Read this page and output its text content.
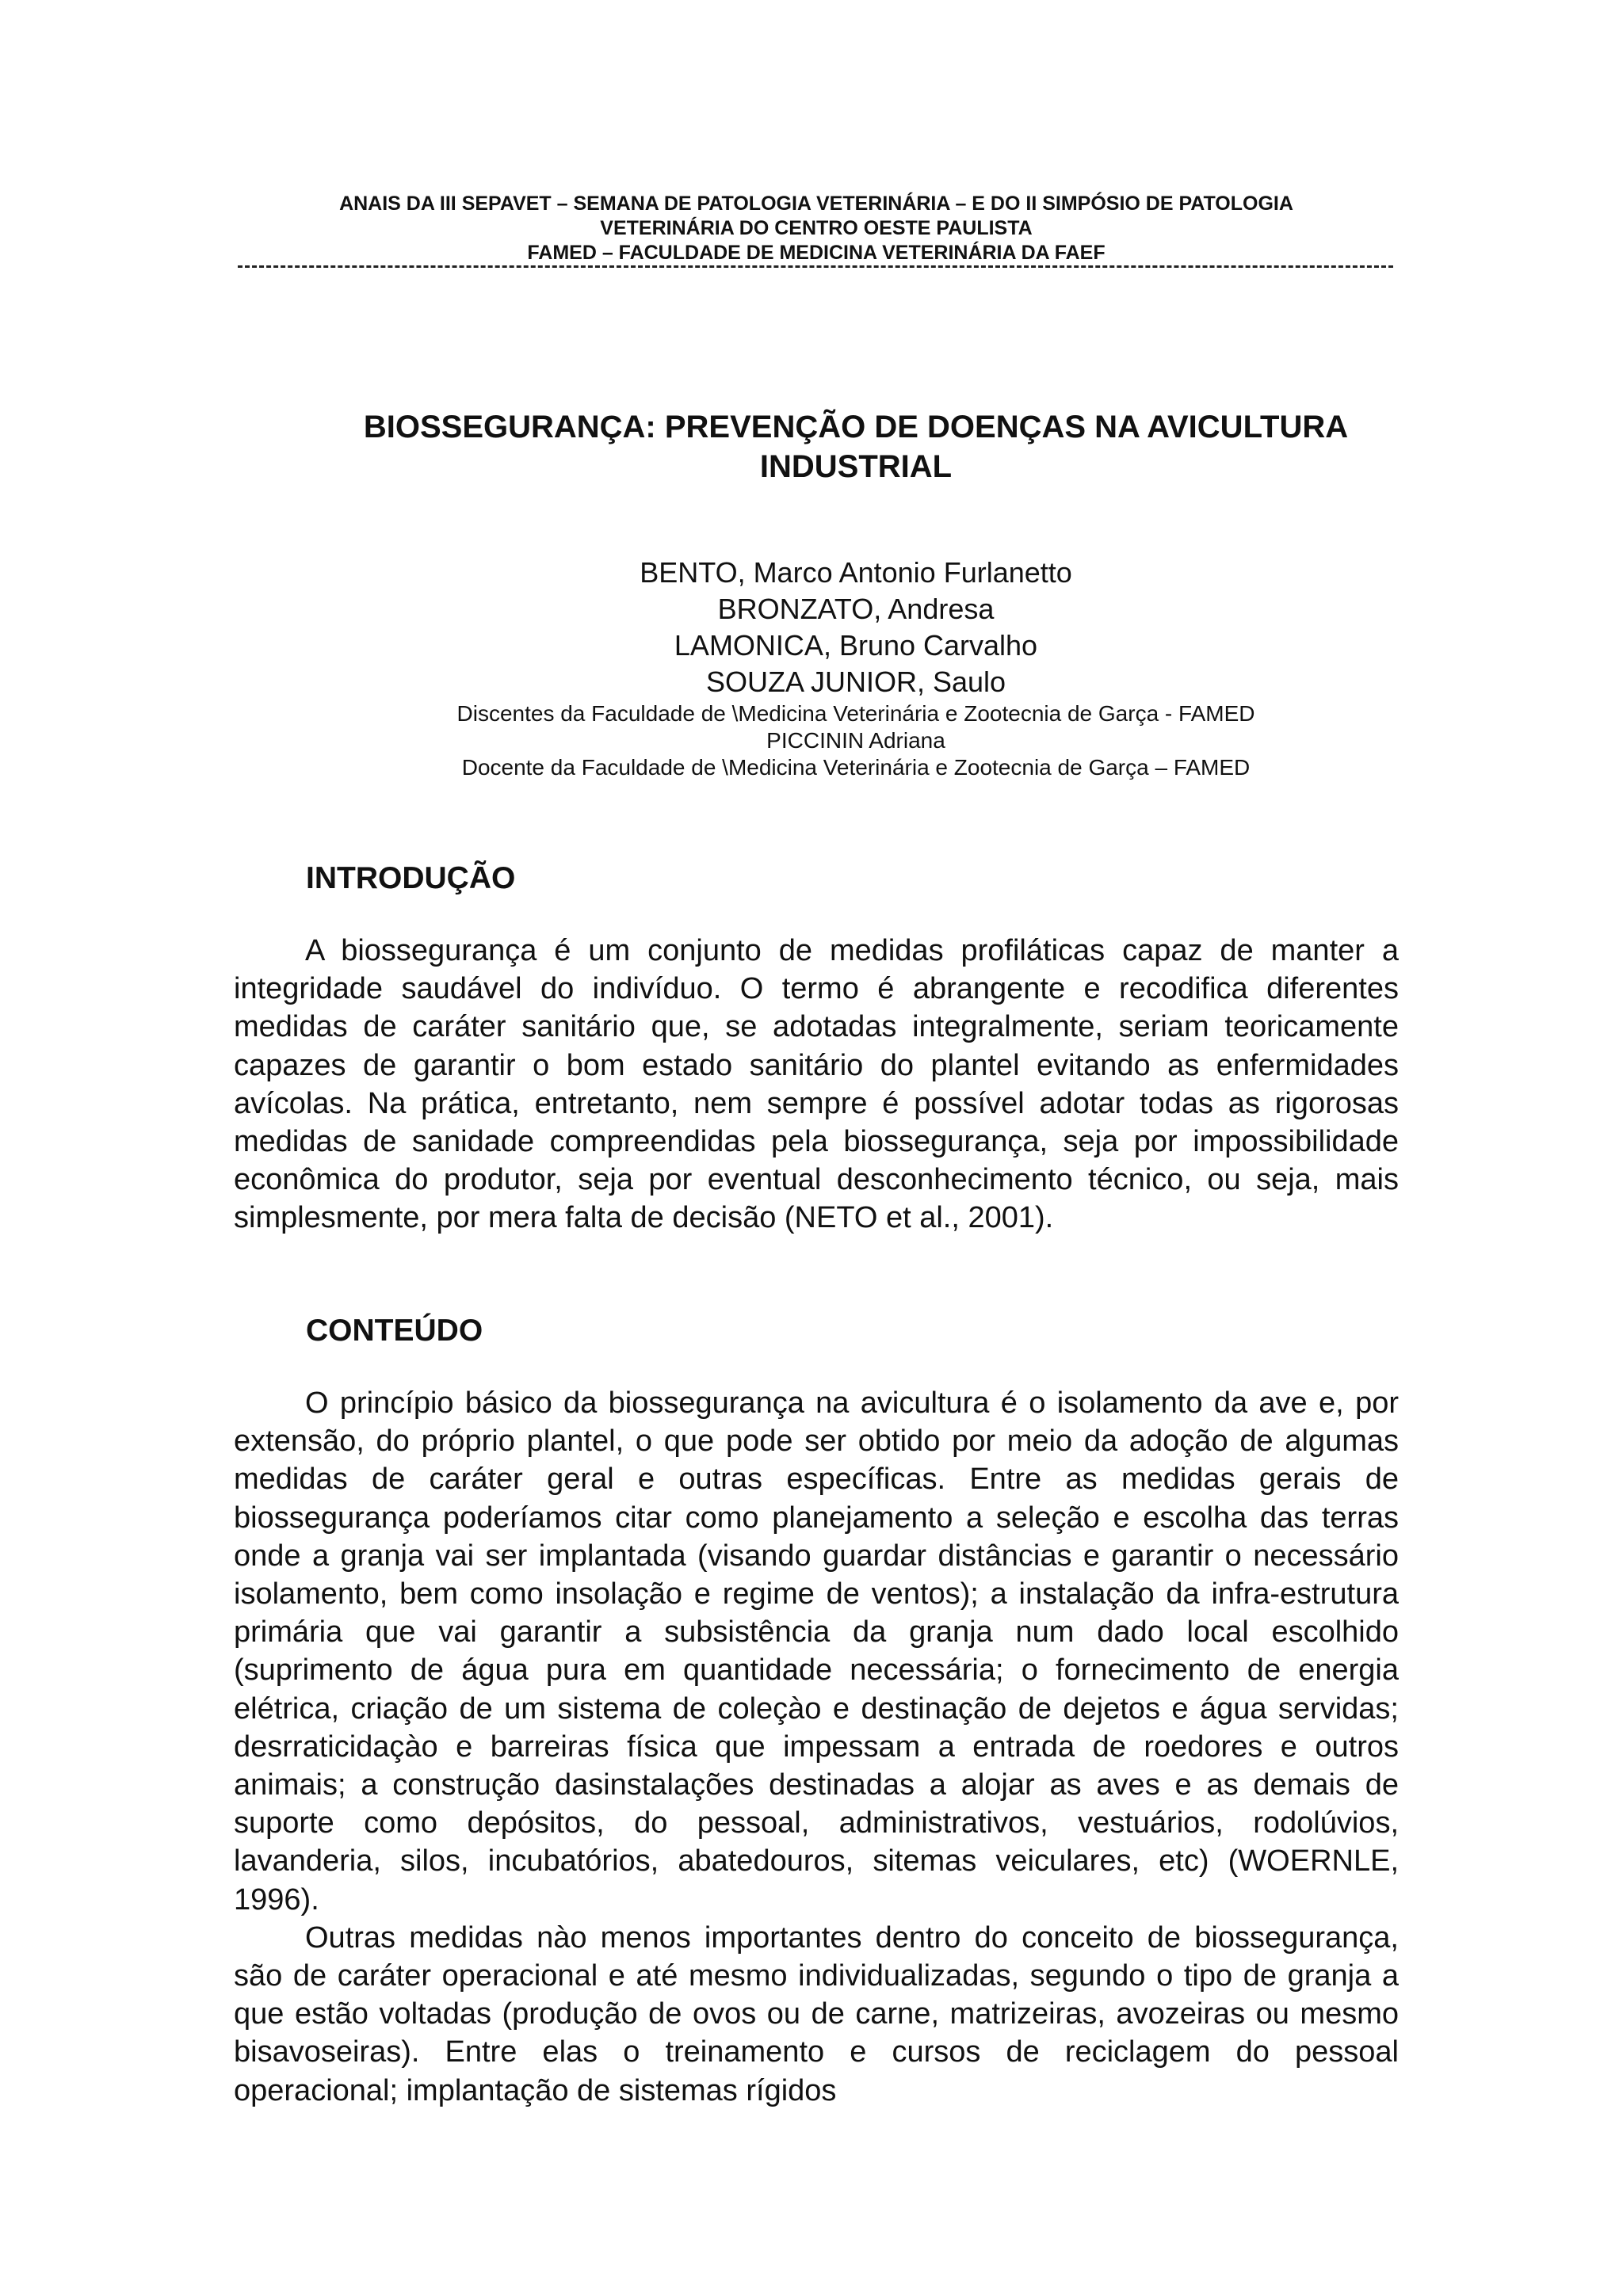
ANAIS DA III SEPAVET – SEMANA DE PATOLOGIA VETERINÁRIA – E DO II SIMPÓSIO DE PATOLOGIA
VETERINÁRIA DO CENTRO OESTE PAULISTA
FAMED – FACULDADE DE MEDICINA VETERINÁRIA DA FAEF
BIOSSEGURANÇA: PREVENÇÃO DE DOENÇAS NA AVICULTURA
INDUSTRIAL
BENTO, Marco Antonio Furlanetto
BRONZATO, Andresa
LAMONICA, Bruno Carvalho
SOUZA JUNIOR, Saulo
Discentes da Faculdade de \Medicina Veterinária e Zootecnia de Garça - FAMED
PICCININ Adriana
Docente da Faculdade de \Medicina Veterinária e Zootecnia de Garça – FAMED
INTRODUÇÃO

A biossegurança é um conjunto de medidas profiláticas capaz de manter a integridade saudável do indivíduo. O termo é abrangente e recodifica diferentes medidas de caráter sanitário que, se adotadas integralmente, seriam teoricamente capazes de garantir o bom estado sanitário do plantel evitando as enfermidades avícolas. Na prática, entretanto, nem sempre é possível adotar todas as rigorosas medidas de sanidade compreendidas pela biossegurança, seja por impossibilidade econômica do produtor, seja por eventual desconhecimento técnico, ou seja, mais simplesmente, por mera falta de decisão (NETO et al., 2001).

CONTEÚDO

O princípio básico da biossegurança na avicultura é o isolamento da ave e, por extensão, do próprio plantel, o que pode ser obtido por meio da adoção de algumas medidas de caráter geral e outras específicas. Entre as medidas gerais de biossegurança poderíamos citar como planejamento a seleção e escolha das terras onde a granja vai ser implantada (visando guardar distâncias e garantir o necessário isolamento, bem como insolação e regime de ventos); a instalação da infra-estrutura primária que vai garantir a subsistência da granja num dado local escolhido (suprimento de água pura em quantidade necessária; o fornecimento de energia elétrica, criação de um sistema de coleçào e destinação de dejetos e água servidas; desrraticidaçào e barreiras física que impessam a entrada de roedores e outros animais; a construção dasinstalações destinadas a alojar as aves e as demais de suporte como depósitos, do pessoal, administrativos, vestuários, rodolúvios, lavanderia, silos, incubatórios, abatedouros, sitemas veiculares, etc) (WOERNLE, 1996).

Outras medidas nào menos importantes dentro do conceito de biossegurança, são de caráter operacional e até mesmo individualizadas, segundo o tipo de granja a que estão voltadas (produção de ovos ou de carne, matrizeiras, avozeiras ou mesmo bisavoseiras). Entre elas o treinamento e cursos de reciclagem do pessoal operacional; implantação de sistemas rígidos
